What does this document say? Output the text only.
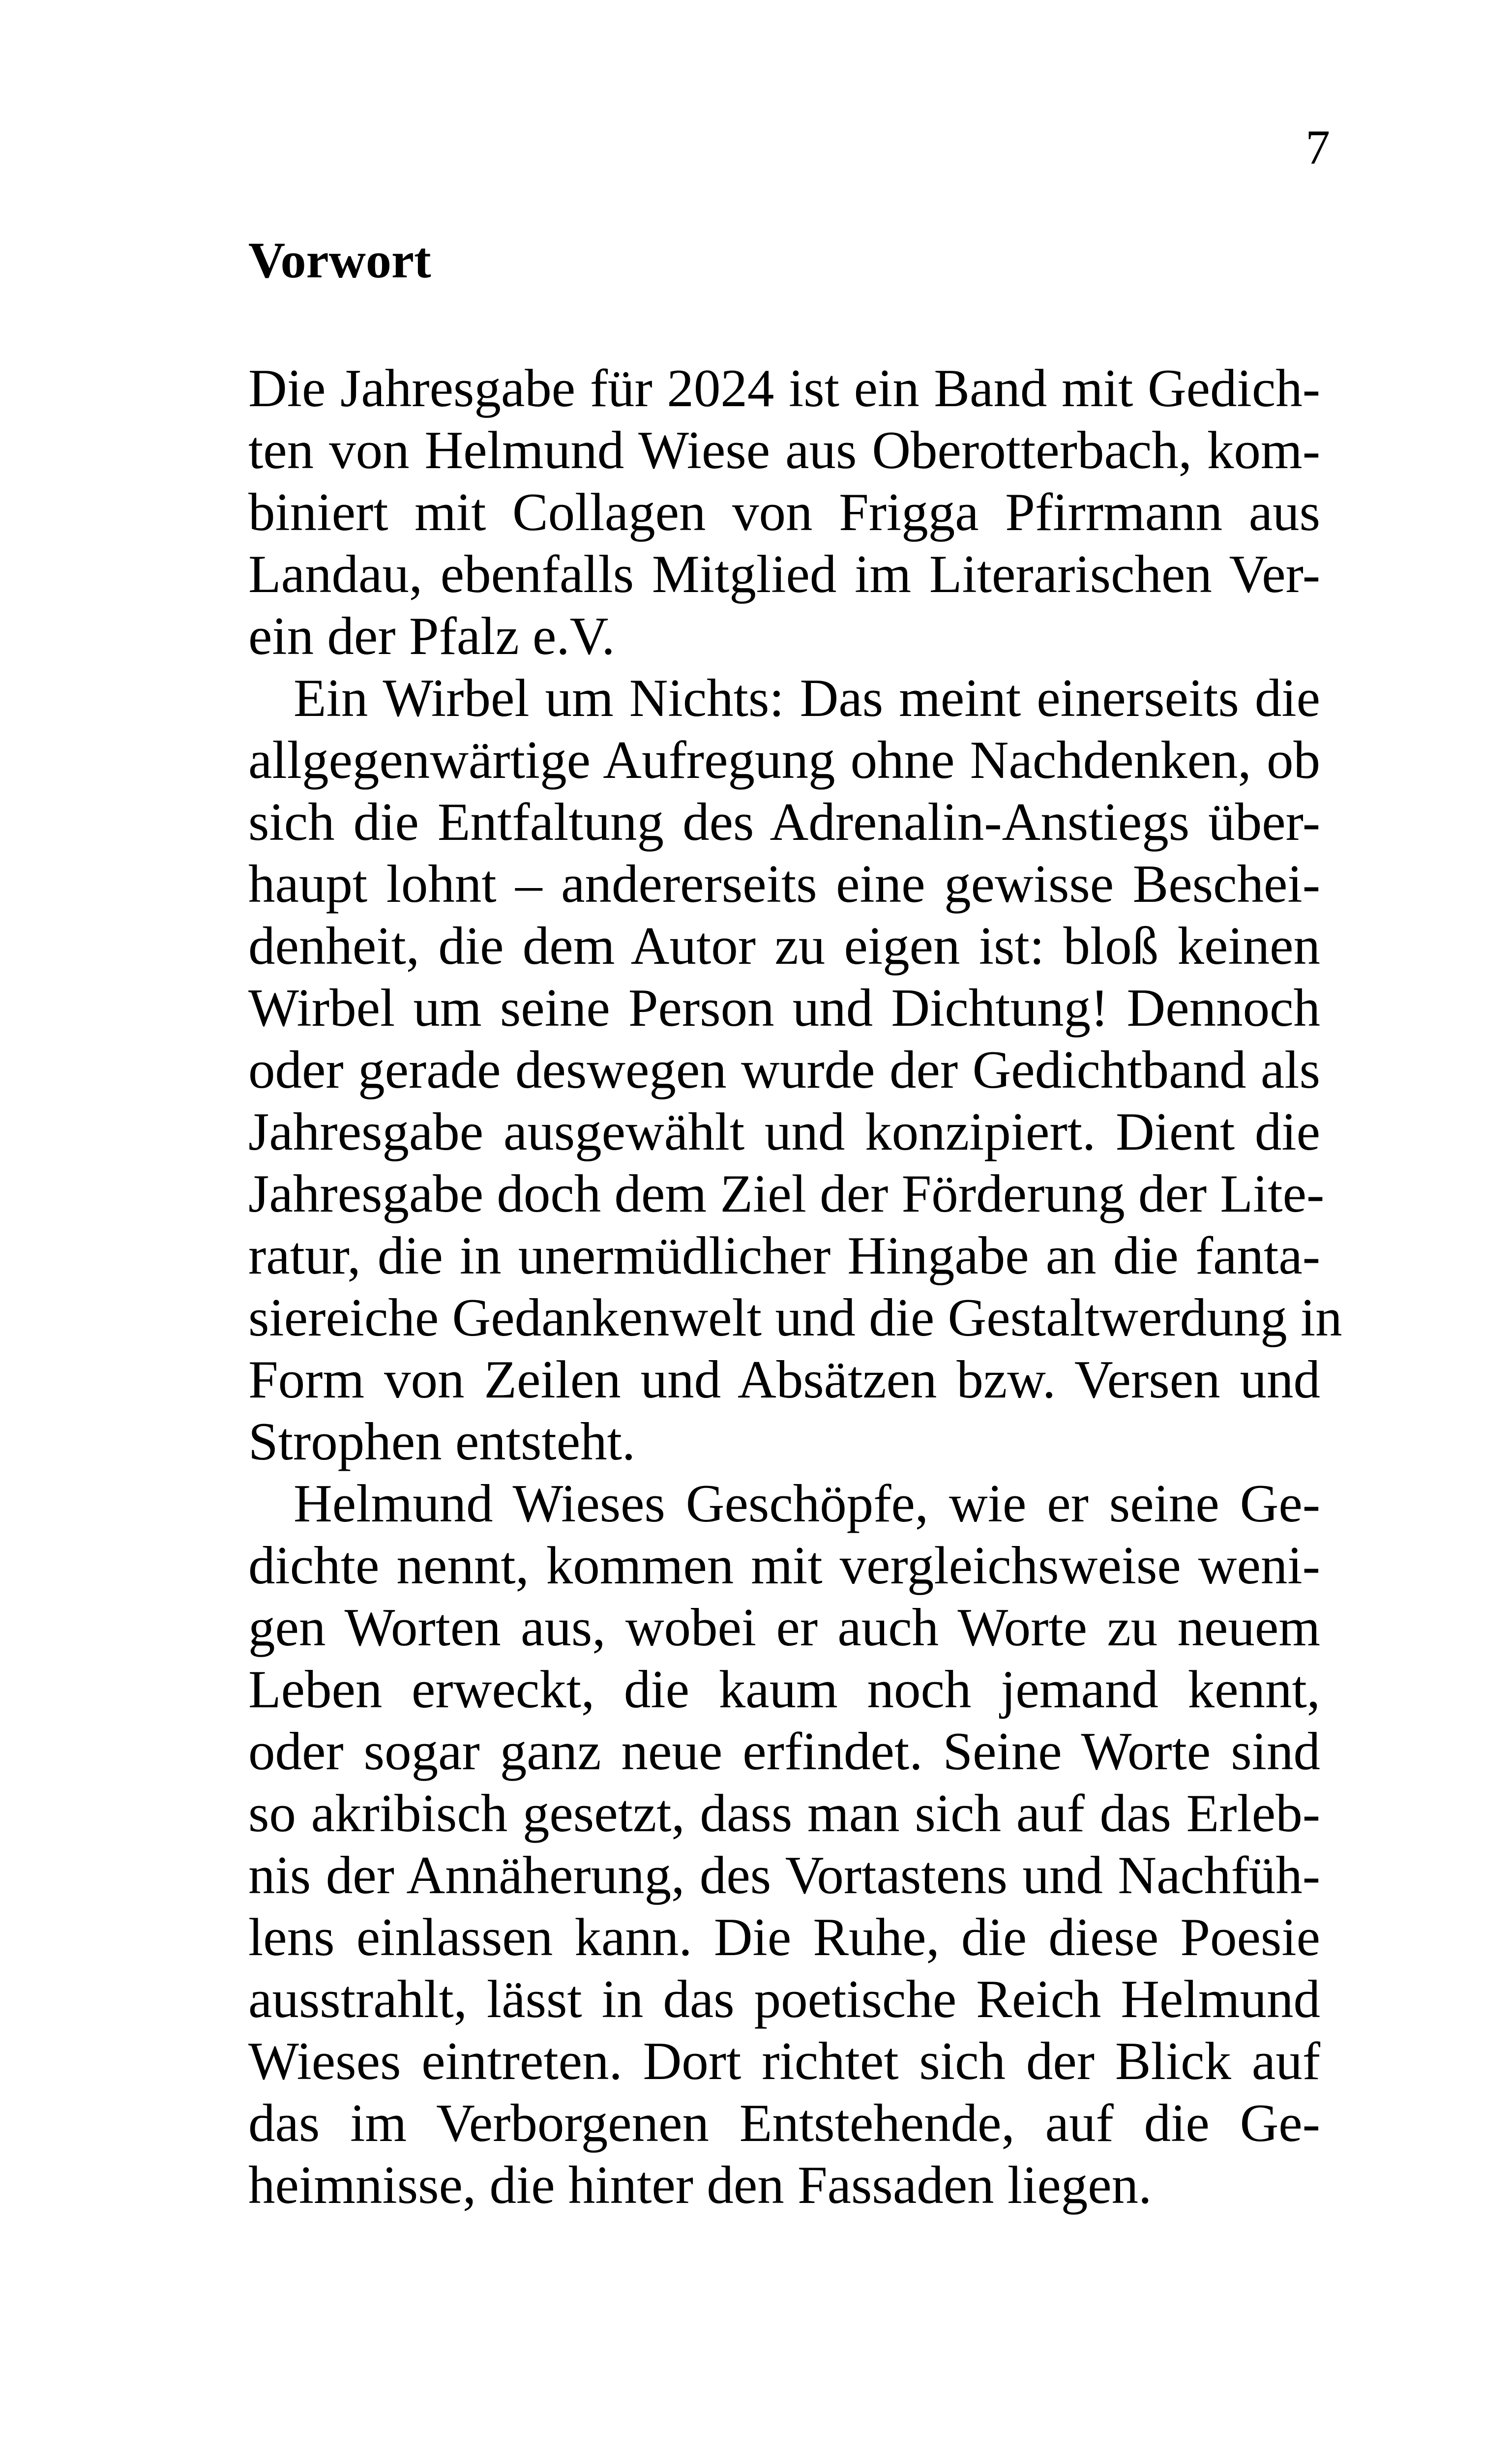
7
Vorwort
Die Jahresgabe für 2024 ist ein Band mit Gedich-
ten von Helmund Wiese aus Oberotterbach, kom-
biniert mit Collagen von Frigga Pfirrmann aus
Landau, ebenfalls Mitglied im Literarischen Ver-
ein der Pfalz e.V.
Ein Wirbel um Nichts: Das meint einerseits die
allgegenwärtige Aufregung ohne Nachdenken, ob
sich die Entfaltung des Adrenalin-Anstiegs über-
haupt lohnt – andererseits eine gewisse Beschei-
denheit, die dem Autor zu eigen ist: bloß keinen
Wirbel um seine Person und Dichtung! Dennoch
oder gerade deswegen wurde der Gedichtband als
Jahresgabe ausgewählt und konzipiert. Dient die
Jahresgabe doch dem Ziel der Förderung der Lite-
ratur, die in unermüdlicher Hingabe an die fanta-
siereiche Gedankenwelt und die Gestaltwerdung in
Form von Zeilen und Absätzen bzw. Versen und
Strophen entsteht.
Helmund Wieses Geschöpfe, wie er seine Ge-
dichte nennt, kommen mit vergleichsweise weni-
gen Worten aus, wobei er auch Worte zu neuem
Leben erweckt, die kaum noch jemand kennt,
oder sogar ganz neue erfindet. Seine Worte sind
so akribisch gesetzt, dass man sich auf das Erleb-
nis der Annäherung, des Vortastens und Nachfüh-
lens einlassen kann. Die Ruhe, die diese Poesie
ausstrahlt, lässt in das poetische Reich Helmund
Wieses eintreten. Dort richtet sich der Blick auf
das im Verborgenen Entstehende, auf die Ge-
heimnisse, die hinter den Fassaden liegen.
